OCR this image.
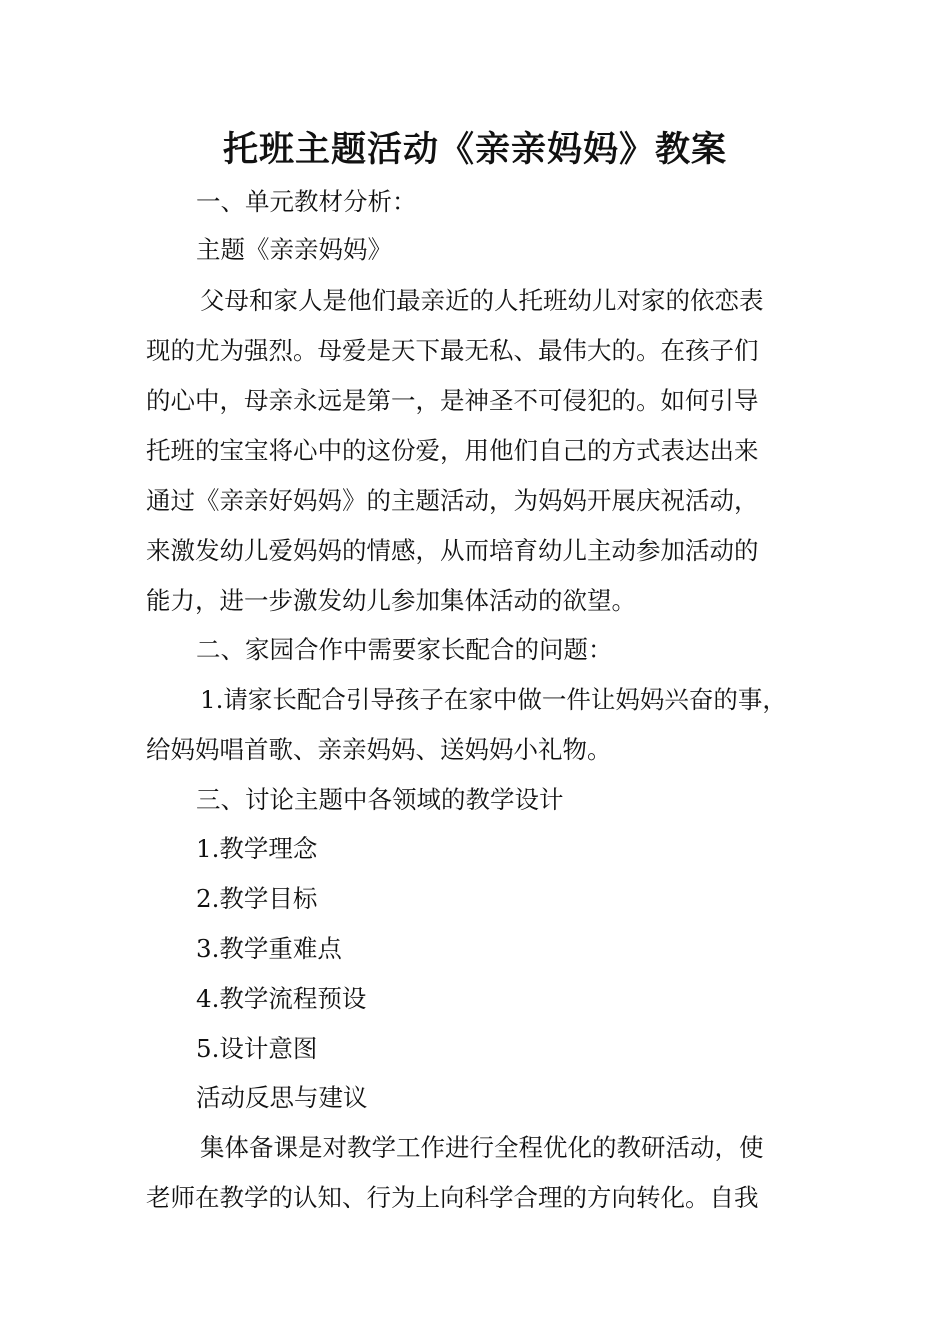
托班主题活动《亲亲妈妈》教案

一、单元教材分析：

主题《亲亲妈妈》

父母和家人是他们最亲近的人托班幼儿对家的依恋表

现的尤为强烈。母爱是天下最无私、最伟大的。在孩子们

的心中，母亲永远是第一，是神圣不可侵犯的。如何引导

托班的宝宝将心中的这份爱，用他们自己的方式表达出来

通过《亲亲好妈妈》的主题活动，为妈妈开展庆祝活动，

来激发幼儿爱妈妈的情感，从而培育幼儿主动参加活动的

能力，进一步激发幼儿参加集体活动的欲望。

二、家园合作中需要家长配合的问题：

1.请家长配合引导孩子在家中做一件让妈妈兴奋的事，

给妈妈唱首歌、亲亲妈妈、送妈妈小礼物。

三、讨论主题中各领域的教学设计

1.教学理念

2.教学目标

3.教学重难点

4.教学流程预设

5.设计意图

活动反思与建议

集体备课是对教学工作进行全程优化的教研活动，使

老师在教学的认知、行为上向科学合理的方向转化。自我
